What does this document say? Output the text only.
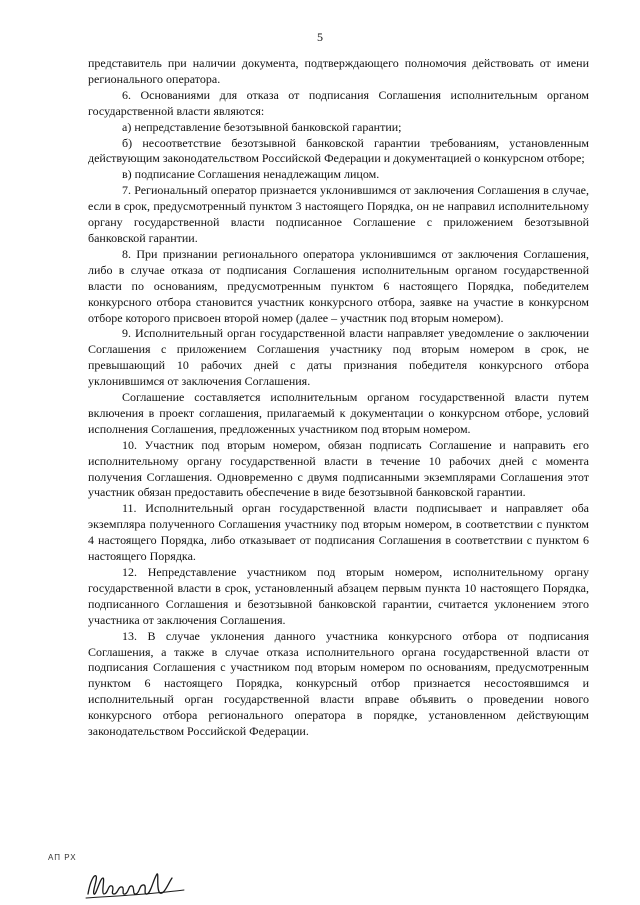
5

представитель при наличии документа, подтверждающего полномочия действовать от имени регионального оператора.

6. Основаниями для отказа от подписания Соглашения исполнительным органом государственной власти являются:

а) непредставление безотзывной банковской гарантии;

б) несоответствие безотзывной банковской гарантии требованиям, установленным действующим законодательством Российской Федерации и документацией о конкурсном отборе;

в) подписание Соглашения ненадлежащим лицом.

7. Региональный оператор признается уклонившимся от заключения Соглашения в случае, если в срок, предусмотренный пунктом 3 настоящего Порядка, он не направил исполнительному органу государственной власти подписанное Соглашение с приложением безотзывной банковской гарантии.

8. При признании регионального оператора уклонившимся от заключения Соглашения, либо в случае отказа от подписания Соглашения исполнительным органом государственной власти по основаниям, предусмотренным пунктом 6 настоящего Порядка, победителем конкурсного отбора становится участник конкурсного отбора, заявке на участие в конкурсном отборе которого присвоен второй номер (далее – участник под вторым номером).

9. Исполнительный орган государственной власти направляет уведомление о заключении Соглашения с приложением Соглашения участнику под вторым номером в срок, не превышающий 10 рабочих дней с даты признания победителя конкурсного отбора уклонившимся от заключения Соглашения.

Соглашение составляется исполнительным органом государственной власти путем включения в проект соглашения, прилагаемый к документации о конкурсном отборе, условий исполнения Соглашения, предложенных участником под вторым номером.

10. Участник под вторым номером, обязан подписать Соглашение и направить его исполнительному органу государственной власти в течение 10 рабочих дней с момента получения Соглашения. Одновременно с двумя подписанными экземплярами Соглашения этот участник обязан предоставить обеспечение в виде безотзывной банковской гарантии.

11. Исполнительный орган государственной власти подписывает и направляет оба экземпляра полученного Соглашения участнику под вторым номером, в соответствии с пунктом 4 настоящего Порядка, либо отказывает от подписания Соглашения в соответствии с пунктом 6 настоящего Порядка.

12. Непредставление участником под вторым номером, исполнительному органу государственной власти в срок, установленный абзацем первым пункта 10 настоящего Порядка, подписанного Соглашения и безотзывной банковской гарантии, считается уклонением этого участника от заключения Соглашения.

13. В случае уклонения данного участника конкурсного отбора от подписания Соглашения, а также в случае отказа исполнительного органа государственной власти от подписания Соглашения с участником под вторым номером по основаниям, предусмотренным пунктом 6 настоящего Порядка, конкурсный отбор признается несостоявшимся и исполнительный орган государственной власти вправе объявить о проведении нового конкурсного отбора регионального оператора в порядке, установленном действующим законодательством Российской Федерации.

АП РХ
